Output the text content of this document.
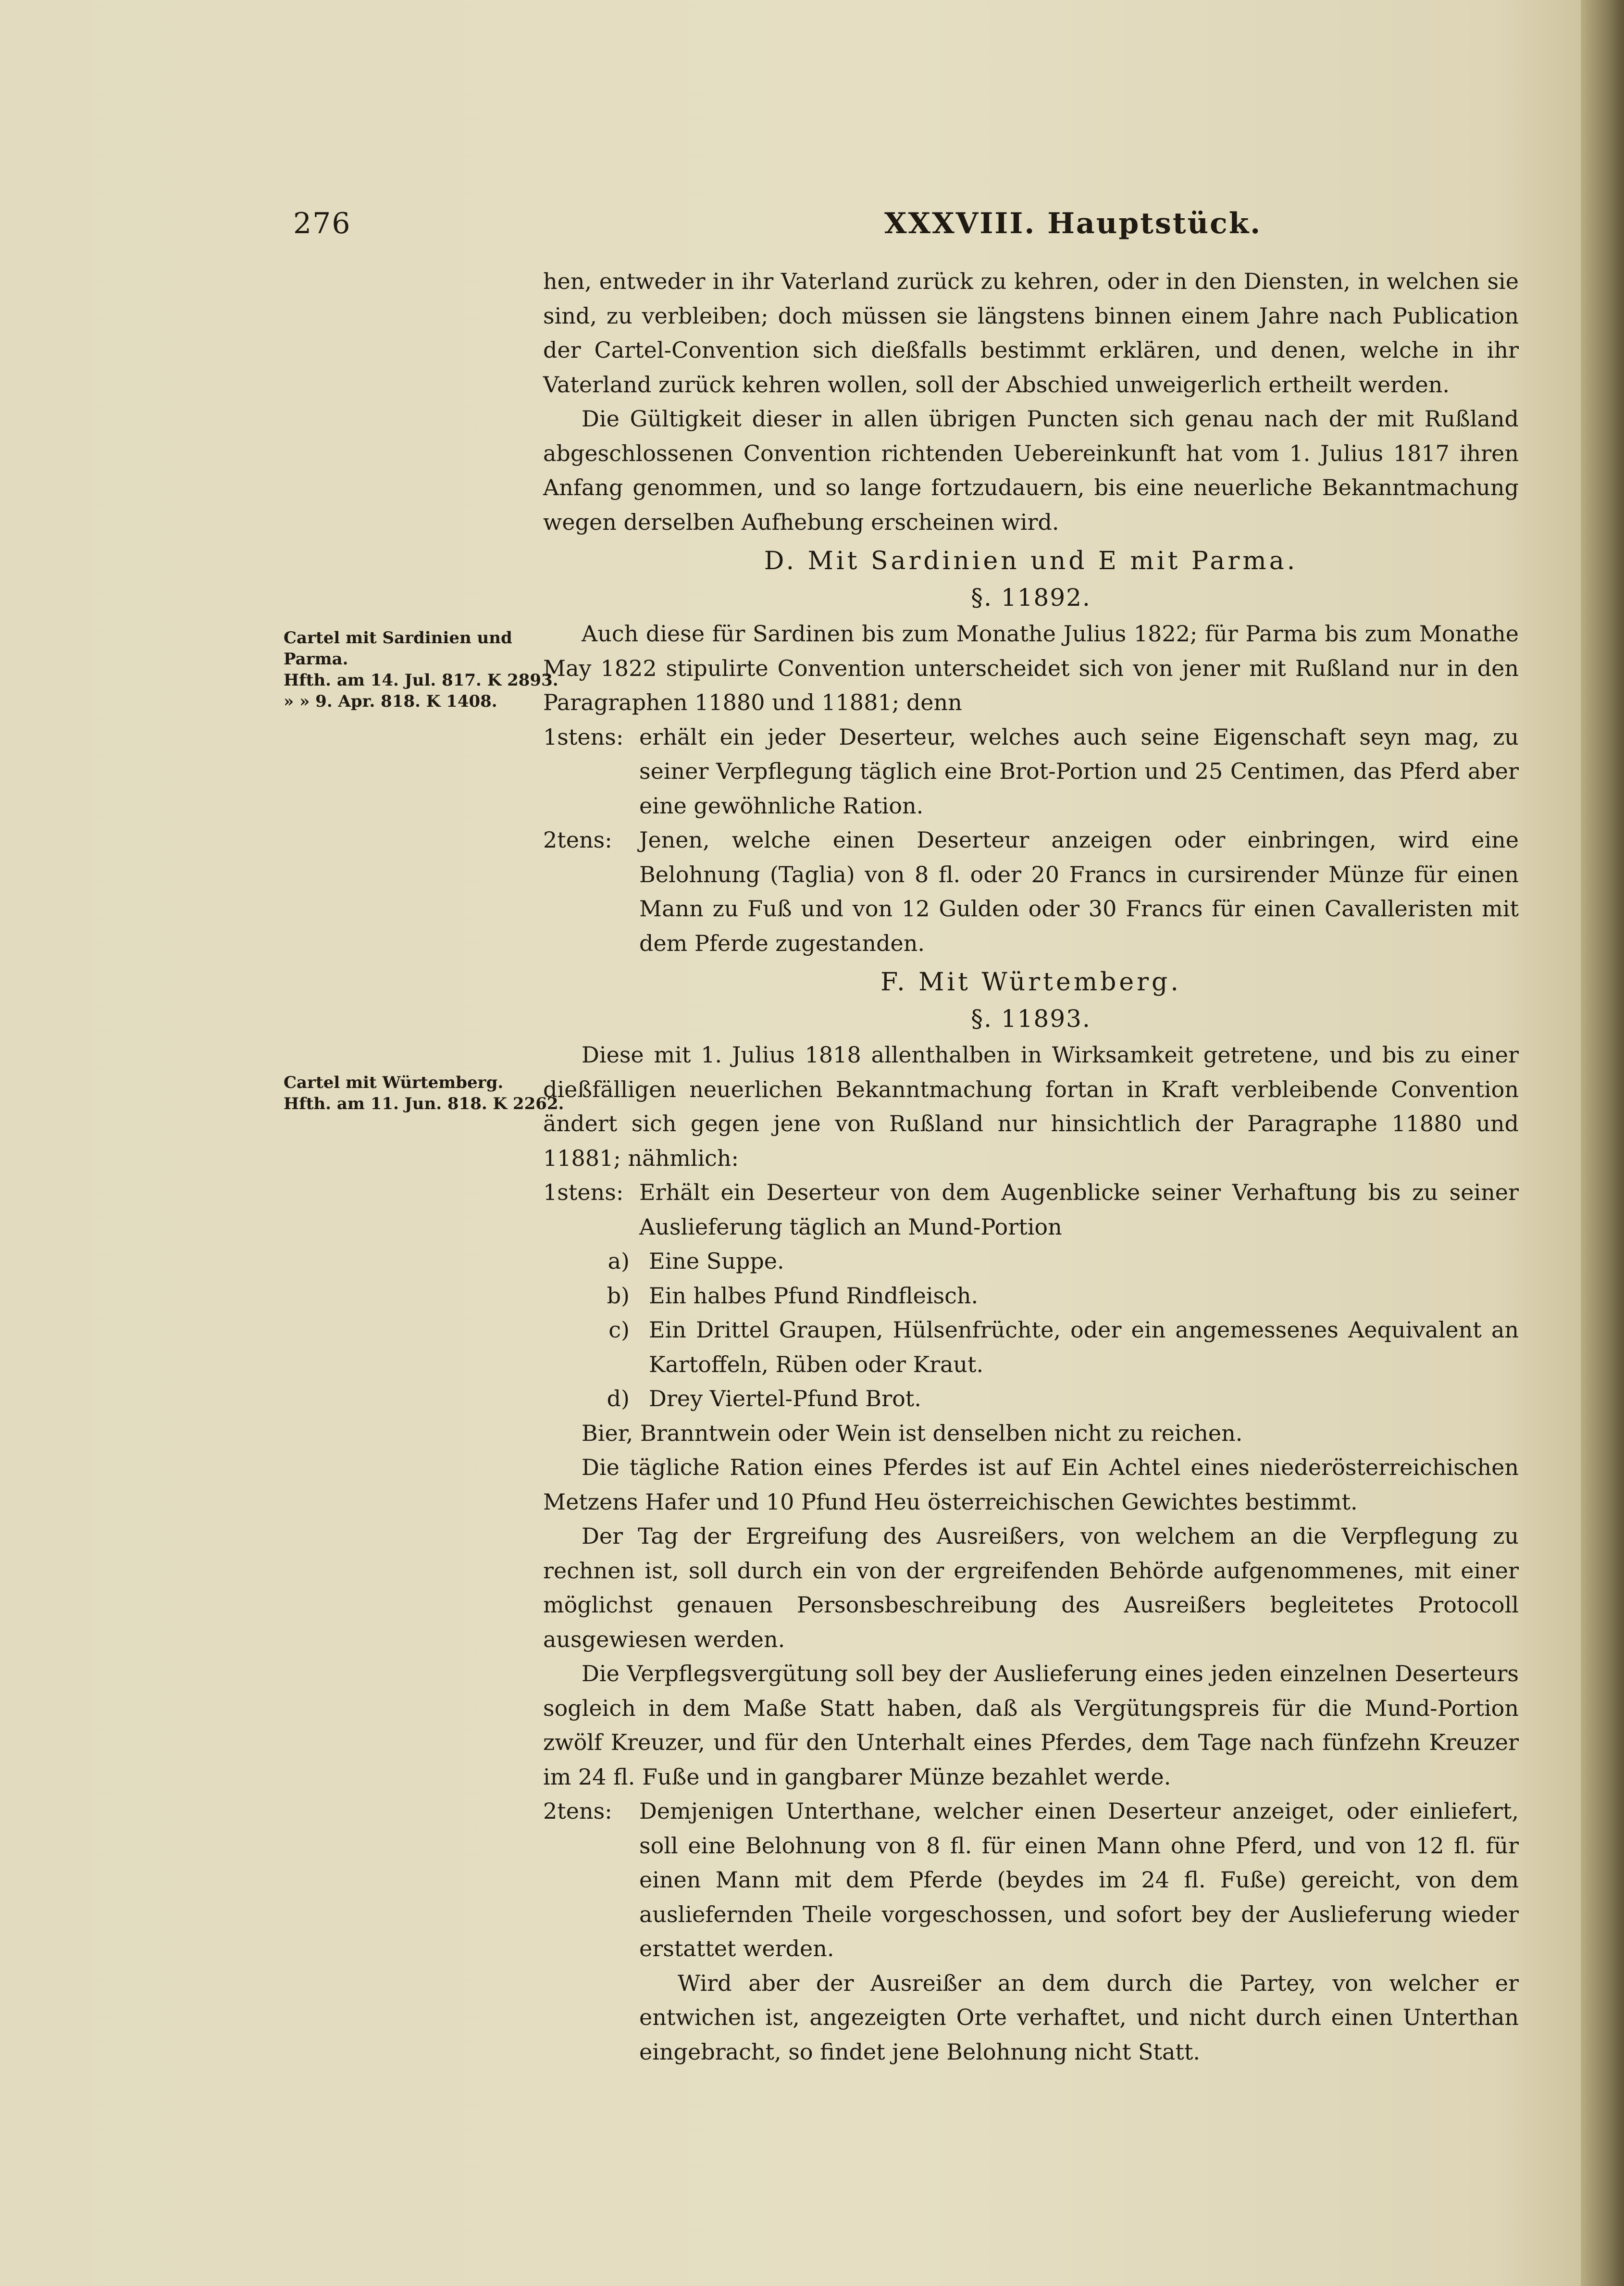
276	XXXVIII. Hauptstück.
Cartel mit Sardinien und
Parma.
Hfth. am 14. Jul. 817. K 2893.
» » 9. Apr. 818. K 1408.
Cartel mit Würtemberg.
Hfth. am 11. Jun. 818. K 2262.

hen, entweder in ihr Vaterland zurück zu kehren, oder in den Diensten, in welchen sie sind, zu verbleiben; doch müssen sie längstens binnen einem Jahre nach Publication der Cartel-Convention sich dießfalls bestimmt erklären, und denen, welche in ihr Vaterland zurück kehren wollen, soll der Abschied unweigerlich ertheilt werden.

Die Gültigkeit dieser in allen übrigen Puncten sich genau nach der mit Rußland abgeschlossenen Convention richtenden Uebereinkunft hat vom 1. Julius 1817 ihren Anfang genommen, und so lange fortzudauern, bis eine neuerliche Bekanntmachung wegen derselben Aufhebung erscheinen wird.

D. Mit Sardinien und E mit Parma.
§. 11892.

Auch diese für Sardinen bis zum Monathe Julius 1822; für Parma bis zum Monathe May 1822 stipulirte Convention unterscheidet sich von jener mit Rußland nur in den Paragraphen 11880 und 11881; denn

1stens: erhält ein jeder Deserteur, welches auch seine Eigenschaft seyn mag, zu seiner Verpflegung täglich eine Brot-Portion und 25 Centimen, das Pferd aber eine gewöhnliche Ration.
2tens:	Jenen, welche einen Deserteur anzeigen oder einbringen, wird eine Belohnung (Taglia) von 8 fl. oder 20 Francs in cursirender Münze für einen Mann zu Fuß und von 12 Gulden oder 30 Francs für einen Cavalleristen mit dem Pferde zugestanden.
F. Mit Würtemberg.
§. 11893.

Diese mit 1. Julius 1818 allenthalben in Wirksamkeit getretene, und bis zu einer dießfälligen neuerlichen Bekanntmachung fortan in Kraft verbleibende Convention ändert sich gegen jene von Rußland nur hinsichtlich der Paragraphe 11880 und 11881; nähmlich:

1stens: Erhält ein Deserteur von dem Augenblicke seiner Verhaftung bis zu seiner Auslieferung täglich an Mund-Portion
a) Eine Suppe.
b) Ein halbes Pfund Rindfleisch.
c) Ein Drittel Graupen, Hülsenfrüchte, oder ein angemessenes Aequivalent an Kartoffeln, Rüben oder Kraut.
d) Drey Viertel-Pfund Brot.

Bier, Branntwein oder Wein ist denselben nicht zu reichen.

Die tägliche Ration eines Pferdes ist auf Ein Achtel eines niederösterreichischen Metzens Hafer und 10 Pfund Heu österreichischen Gewichtes bestimmt.

Der Tag der Ergreifung des Ausreißers, von welchem an die Verpflegung zu rechnen ist, soll durch ein von der ergreifenden Behörde aufgenommenes, mit einer möglichst genauen Personsbeschreibung des Ausreißers begleitetes Protocoll ausgewiesen werden.

Die Verpflegsvergütung soll bey der Auslieferung eines jeden einzelnen Deserteurs sogleich in dem Maße Statt haben, daß als Vergütungspreis für die Mund-Portion zwölf Kreuzer, und für den Unterhalt eines Pferdes, dem Tage nach fünfzehn Kreuzer im 24 fl. Fuße und in gangbarer Münze bezahlet werde.

2tens:	Demjenigen Unterthane, welcher einen Deserteur anzeiget, oder einliefert, soll eine Belohnung von 8 fl. für einen Mann ohne Pferd, und von 12 fl. für einen Mann mit dem Pferde (beydes im 24 fl. Fuße) gereicht, von dem ausliefernden Theile vorgeschossen, und sofort bey der Auslieferung wieder erstattet werden.

Wird aber der Ausreißer an dem durch die Partey, von welcher er entwichen ist, angezeigten Orte verhaftet, und nicht durch einen Unterthan eingebracht, so findet jene Belohnung nicht Statt.
